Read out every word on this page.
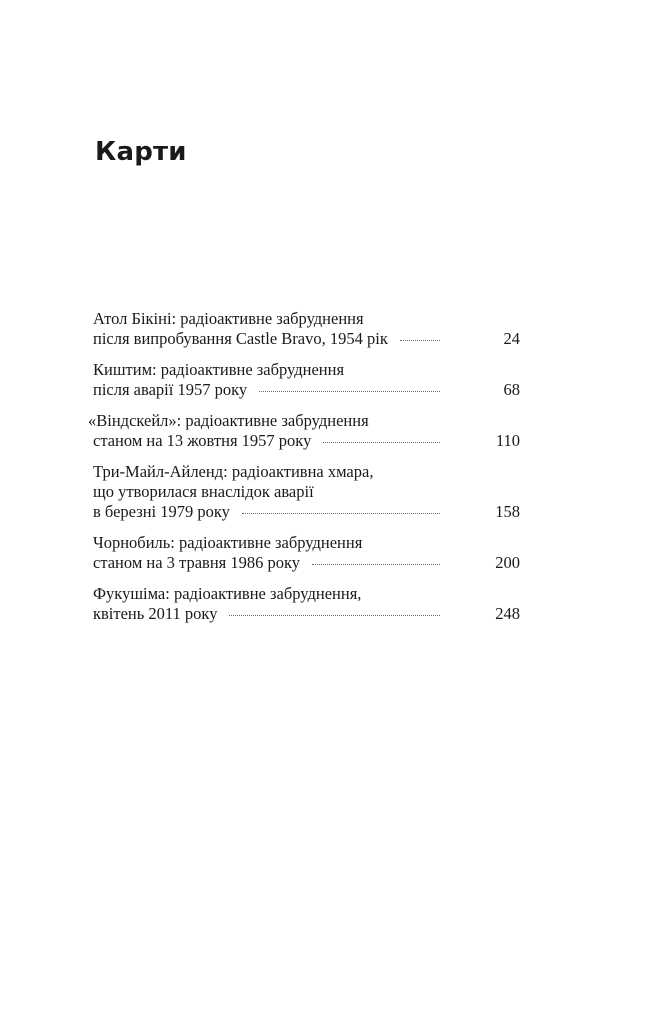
Карти
Атол Бікіні: радіоактивне забруднення
після випробування Castle Bravo, 1954 рік	24
Киштим: радіоактивне забруднення
після аварії 1957 року	68
«Віндскейл»: радіоактивне забруднення
станом на 13 жовтня 1957 року	110
Три-Майл-Айленд: радіоактивна хмара,
що утворилася внаслідок аварії
в березні 1979 року	158
Чорнобиль: радіоактивне забруднення
станом на 3 травня 1986 року	200
Фукушіма: радіоактивне забруднення,
квітень 2011 року	248
